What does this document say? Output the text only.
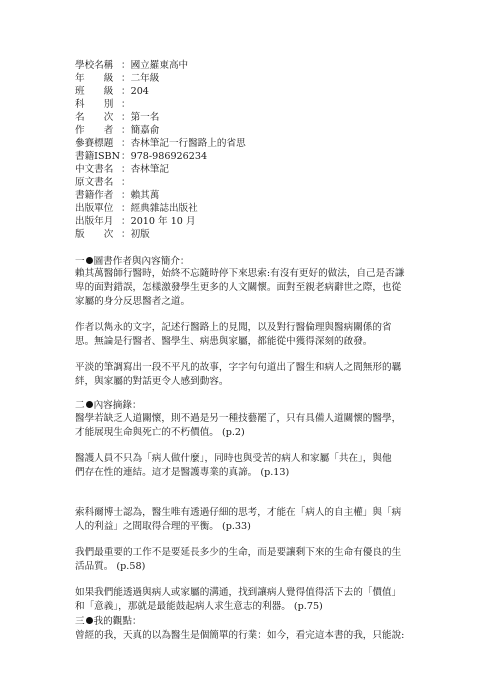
學校名稱 ：國立羅東高中
年　　級 ：二年級
班　　級 ：204
科　　別 ：
名　　次 ：第一名
作　　者 ：簡嘉俞
參賽標題 ：杏林筆記一行醫路上的省思
書籍ISBN：978-986926234
中文書名 ：杏林筆記
原文書名 ：
書籍作者 ：賴其萬
出版單位 ：經典雜誌出版社
出版年月 ：2010 年 10 月
版　　次 ：初版
一 圖書作者與內容簡介：
賴其萬醫師行醫時，始終不忘隨時停下來思索:有沒有更好的做法，自己是否謙
卑的面對錯誤，怎樣激發學生更多的人文關懷。面對至親老病辭世之際，也從
家屬的身分反思醫者之道。
作者以雋永的文字，記述行醫路上的見聞，以及對行醫倫理與醫病關係的省
思。無論是行醫者、醫學生、病患與家屬，都能從中獲得深刻的啟發。
平淡的筆調寫出一段不平凡的故事，字字句句道出了醫生和病人之間無形的羈
絆，與家屬的對話更令人感到動容。
二 內容摘錄：
醫學若缺乏人道關懷，則不過是另一種技藝罷了，只有具備人道關懷的醫學，
才能展現生命與死亡的不朽價值。 (p.2)
醫護人員不只為「病人做什麼」，同時也與受苦的病人和家屬「共在」，與他
們存在性的連結。這才是醫護專業的真諦。 (p.13)
索科爾博士認為，醫生唯有透過仔細的思考，才能在「病人的自主權」與「病
人的利益」之間取得合理的平衡。 (p.33)
我們最重要的工作不是要延長多少的生命，而是要讓剩下來的生命有優良的生
活品質。 (p.58)
如果我們能透過與病人或家屬的溝通，找到讓病人覺得值得活下去的「價值」
和「意義」，那就是最能鼓起病人求生意志的利器。 (p.75)
三 我的觀點：
曾經的我，天真的以為醫生是個簡單的行業：如今，看完這本書的我，只能說:
